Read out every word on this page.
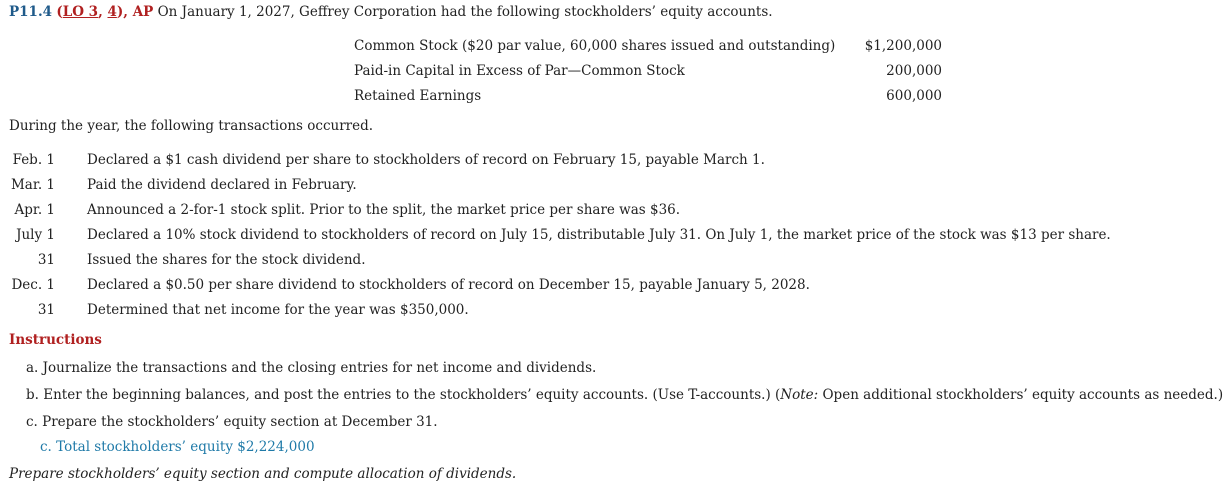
P11.4 (LO 3, 4), AP On January 1, 2027, Geffrey Corporation had the following stockholders’ equity accounts.
Common Stock ($20 par value, 60,000 shares issued and outstanding)	$1,200,000
Paid-in Capital in Excess of Par—Common Stock	200,000
Retained Earnings	600,000
During the year, the following transactions occurred.
Feb. 1	Declared a $1 cash dividend per share to stockholders of record on February 15, payable March 1.
Mar. 1	Paid the dividend declared in February.
Apr. 1	Announced a 2-for-1 stock split. Prior to the split, the market price per share was $36.
July 1	Declared a 10% stock dividend to stockholders of record on July 15, distributable July 31. On July 1, the market price of the stock was $13 per share.
31	Issued the shares for the stock dividend.
Dec. 1	Declared a $0.50 per share dividend to stockholders of record on December 15, payable January 5, 2028.
31	Determined that net income for the year was $350,000.
Instructions
a. Journalize the transactions and the closing entries for net income and dividends.
b. Enter the beginning balances, and post the entries to the stockholders’ equity accounts. (Use T-accounts.) (Note: Open additional stockholders’ equity accounts as needed.)
c. Prepare the stockholders’ equity section at December 31.
c. Total stockholders’ equity $2,224,000
Prepare stockholders’ equity section and compute allocation of dividends.
